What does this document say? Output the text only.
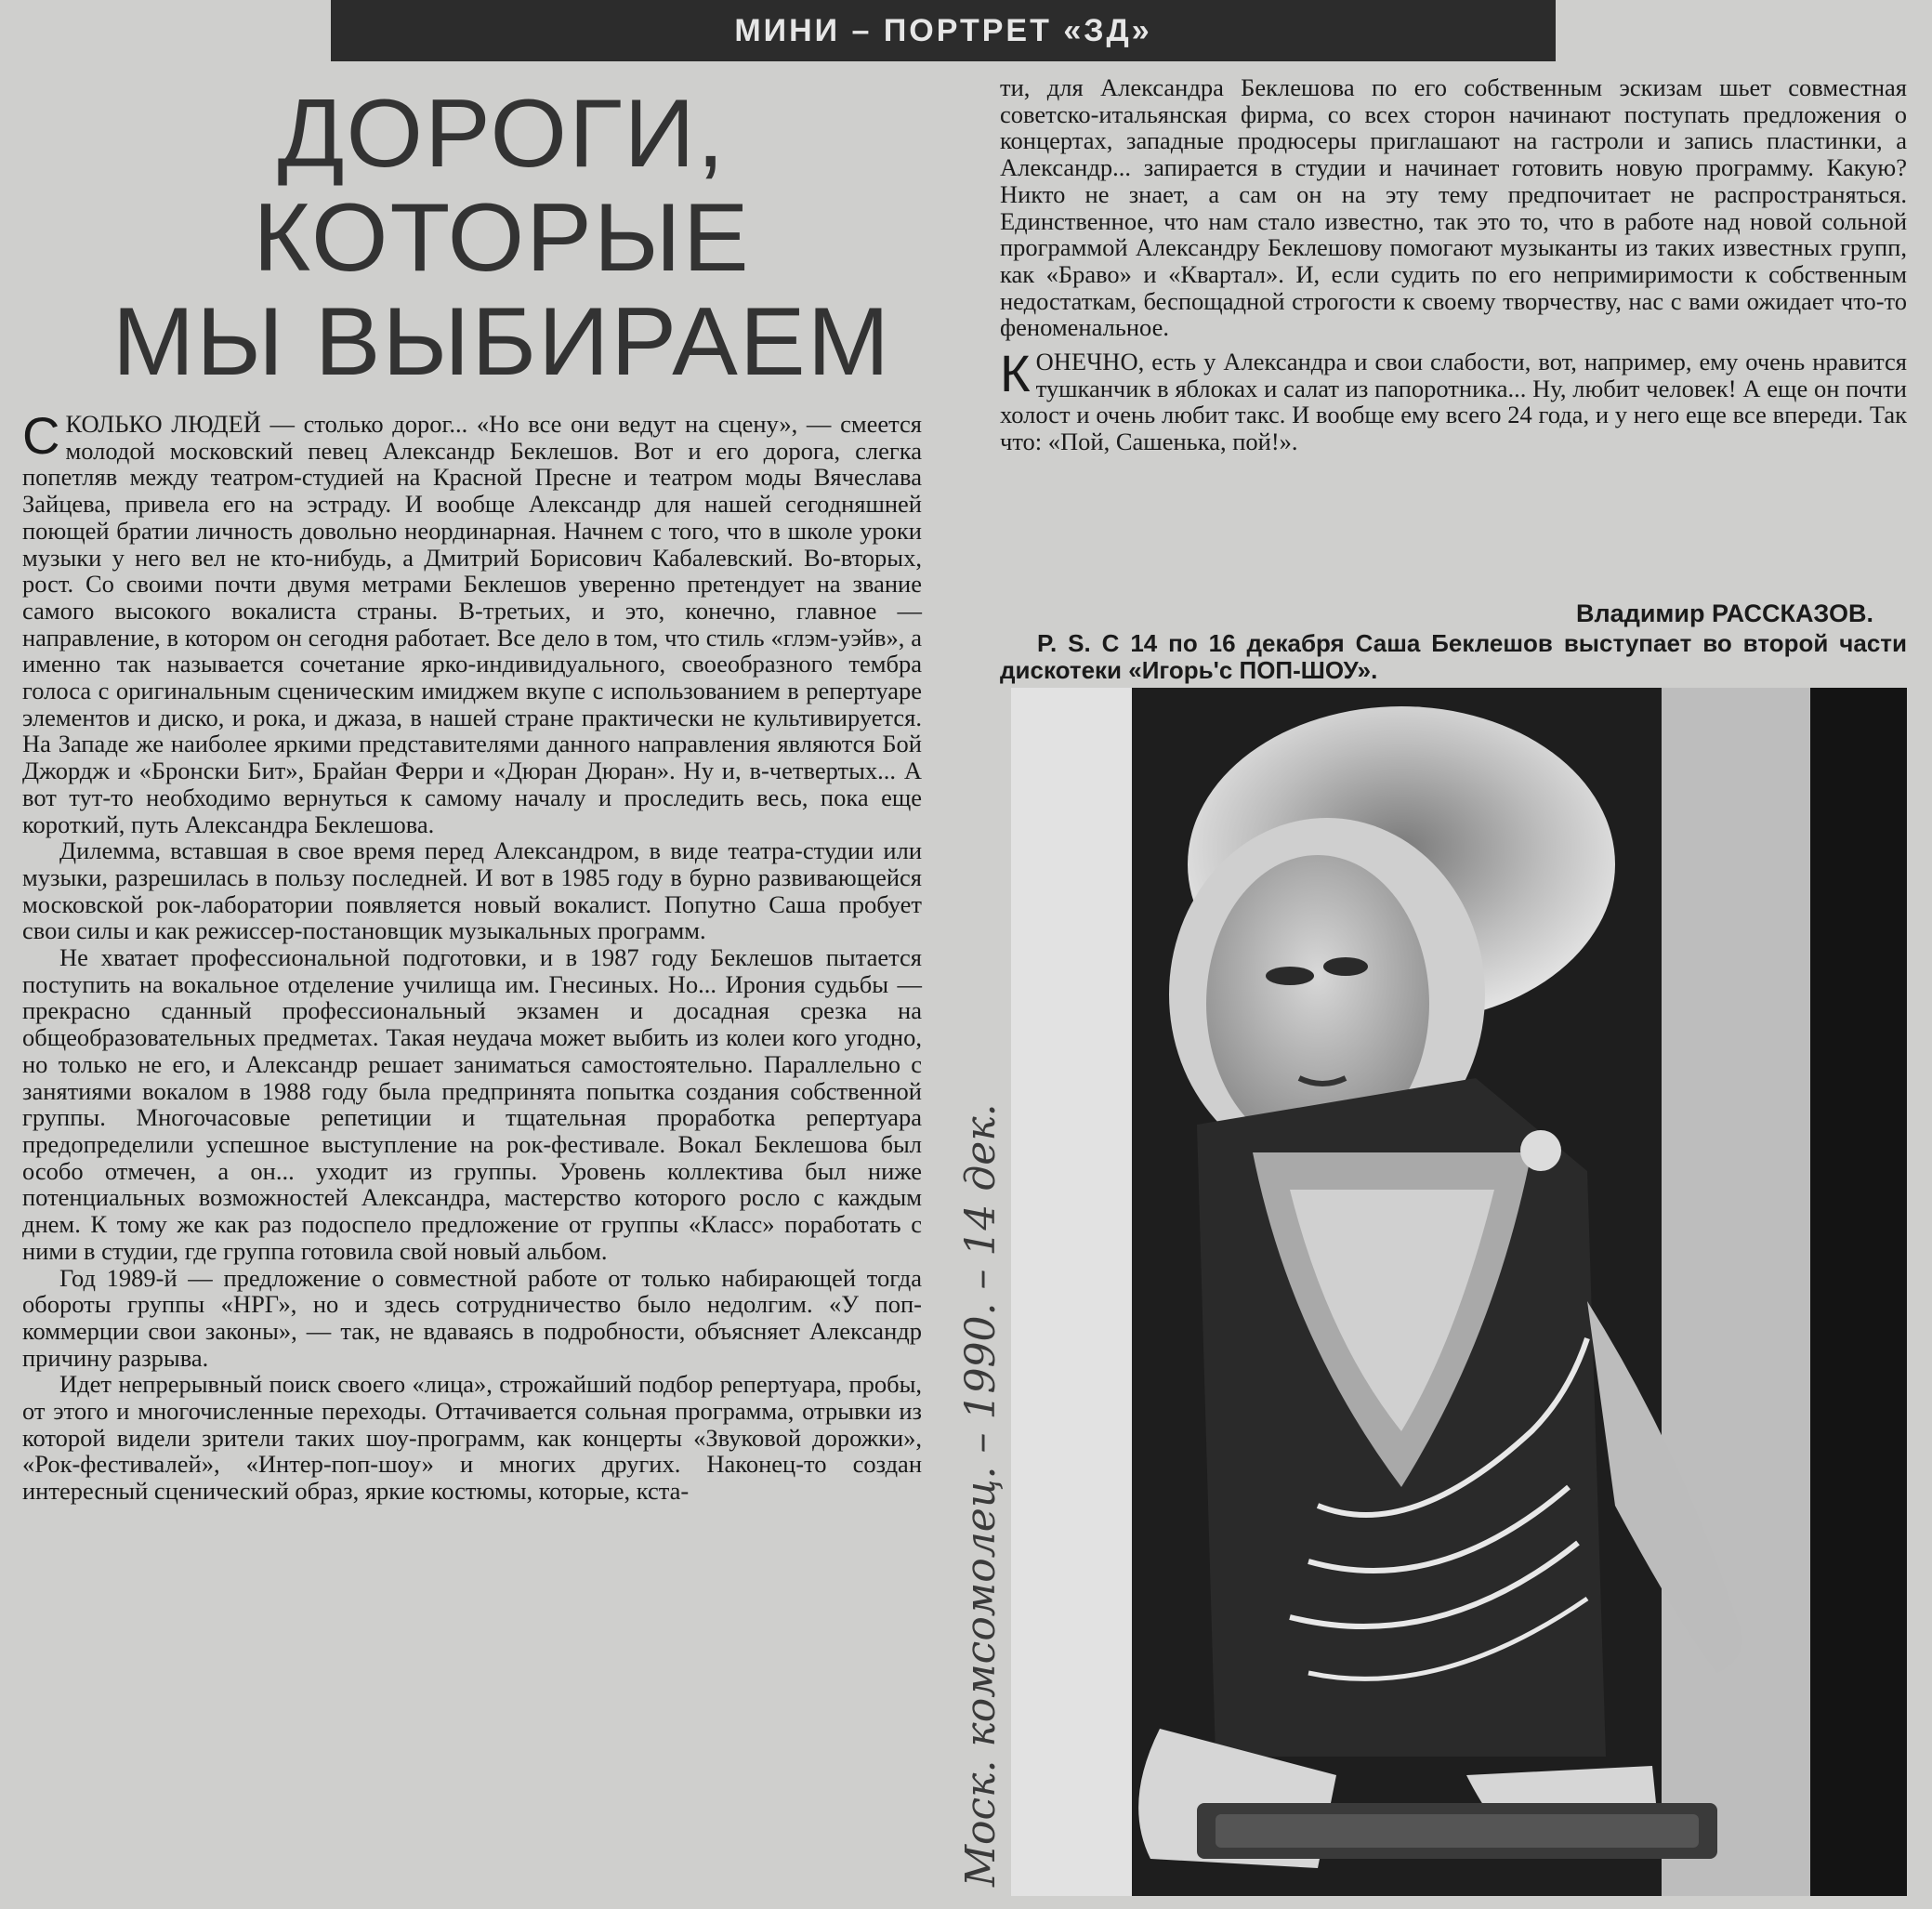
МИНИ – ПОРТРЕТ «ЗД»
ДОРОГИ,
КОТОРЫЕ
МЫ ВЫБИРАЕМ

СКОЛЬКО ЛЮДЕЙ — столько дорог... «Но все они ведут на сцену», — смеется молодой московский певец Александр Беклешов. Вот и его дорога, слегка попетляв между театром-студией на Красной Пресне и театром моды Вячеслава Зайцева, привела его на эстраду. И вообще Александр для нашей сегодняшней поющей братии личность довольно неординарная. Начнем с того, что в школе уроки музыки у него вел не кто-нибудь, а Дмитрий Борисович Кабалевский. Во-вторых, рост. Со своими почти двумя метрами Беклешов уверенно претендует на звание самого высокого вокалиста страны. В-третьих, и это, конечно, главное — направление, в котором он сегодня работает. Все дело в том, что стиль «глэм-уэйв», а именно так называется сочетание ярко-индивидуального, своеобразного тембра голоса с оригинальным сценическим имиджем вкупе с использованием в репертуаре элементов и диско, и рока, и джаза, в нашей стране практически не культивируется. На Западе же наиболее яркими представителями данного направления являются Бой Джордж и «Бронски Бит», Брайан Ферри и «Дюран Дюран». Ну и, в-четвертых... А вот тут-то необходимо вернуться к самому началу и проследить весь, пока еще короткий, путь Александра Беклешова.

Дилемма, вставшая в свое время перед Александром, в виде театра-студии или музыки, разрешилась в пользу последней. И вот в 1985 году в бурно развивающейся московской рок-лаборатории появляется новый вокалист. Попутно Саша пробует свои силы и как режиссер-постановщик музыкальных программ.

Не хватает профессиональной подготовки, и в 1987 году Беклешов пытается поступить на вокальное отделение училища им. Гнесиных. Но... Ирония судьбы — прекрасно сданный профессиональный экзамен и досадная срезка на общеобразовательных предметах. Такая неудача может выбить из колеи кого угодно, но только не его, и Александр решает заниматься самостоятельно. Параллельно с занятиями вокалом в 1988 году была предпринята попытка создания собственной группы. Многочасовые репетиции и тщательная проработка репертуара предопределили успешное выступление на рок-фестивале. Вокал Беклешова был особо отмечен, а он... уходит из группы. Уровень коллектива был ниже потенциальных возможностей Александра, мастерство которого росло с каждым днем. К тому же как раз подоспело предложение от группы «Класс» поработать с ними в студии, где группа готовила свой новый альбом.

Год 1989-й — предложение о совместной работе от только набирающей тогда обороты группы «НРГ», но и здесь сотрудничество было недолгим. «У поп-коммерции свои законы», — так, не вдаваясь в подробности, объясняет Александр причину разрыва.

Идет непрерывный поиск своего «лица», строжайший подбор репертуара, пробы, от этого и многочисленные переходы. Оттачивается сольная программа, отрывки из которой видели зрители таких шоу-программ, как концерты «Звуковой дорожки», «Рок-фестивалей», «Интер-поп-шоу» и многих других. Наконец-то создан интересный сценический образ, яркие костюмы, которые, кста-

ти, для Александра Беклешова по его собственным эскизам шьет совместная советско-итальянская фирма, со всех сторон начинают поступать предложения о концертах, западные продюсеры приглашают на гастроли и запись пластинки, а Александр... запирается в студии и начинает готовить новую программу. Какую? Никто не знает, а сам он на эту тему предпочитает не распространяться. Единственное, что нам стало известно, так это то, что в работе над новой сольной программой Александру Беклешову помогают музыканты из таких известных групп, как «Браво» и «Квартал». И, если судить по его непримиримости к собственным недостаткам, беспощадной строгости к своему творчеству, нас с вами ожидает что-то феноменальное.

КОНЕЧНО, есть у Александра и свои слабости, вот, например, ему очень нравится тушканчик в яблоках и салат из папоротника... Ну, любит человек! А еще он почти холост и очень любит такс. И вообще ему всего 24 года, и у него еще все впереди. Так что: «Пой, Сашенька, пой!».

Владимир РАССКАЗОВ.
P. S. С 14 по 16 декабря Саша Беклешов выступает во второй части дискотеки «Игорь'с ПОП-ШОУ».
Моск. комсомолец. – 1990. – 14 дек.
